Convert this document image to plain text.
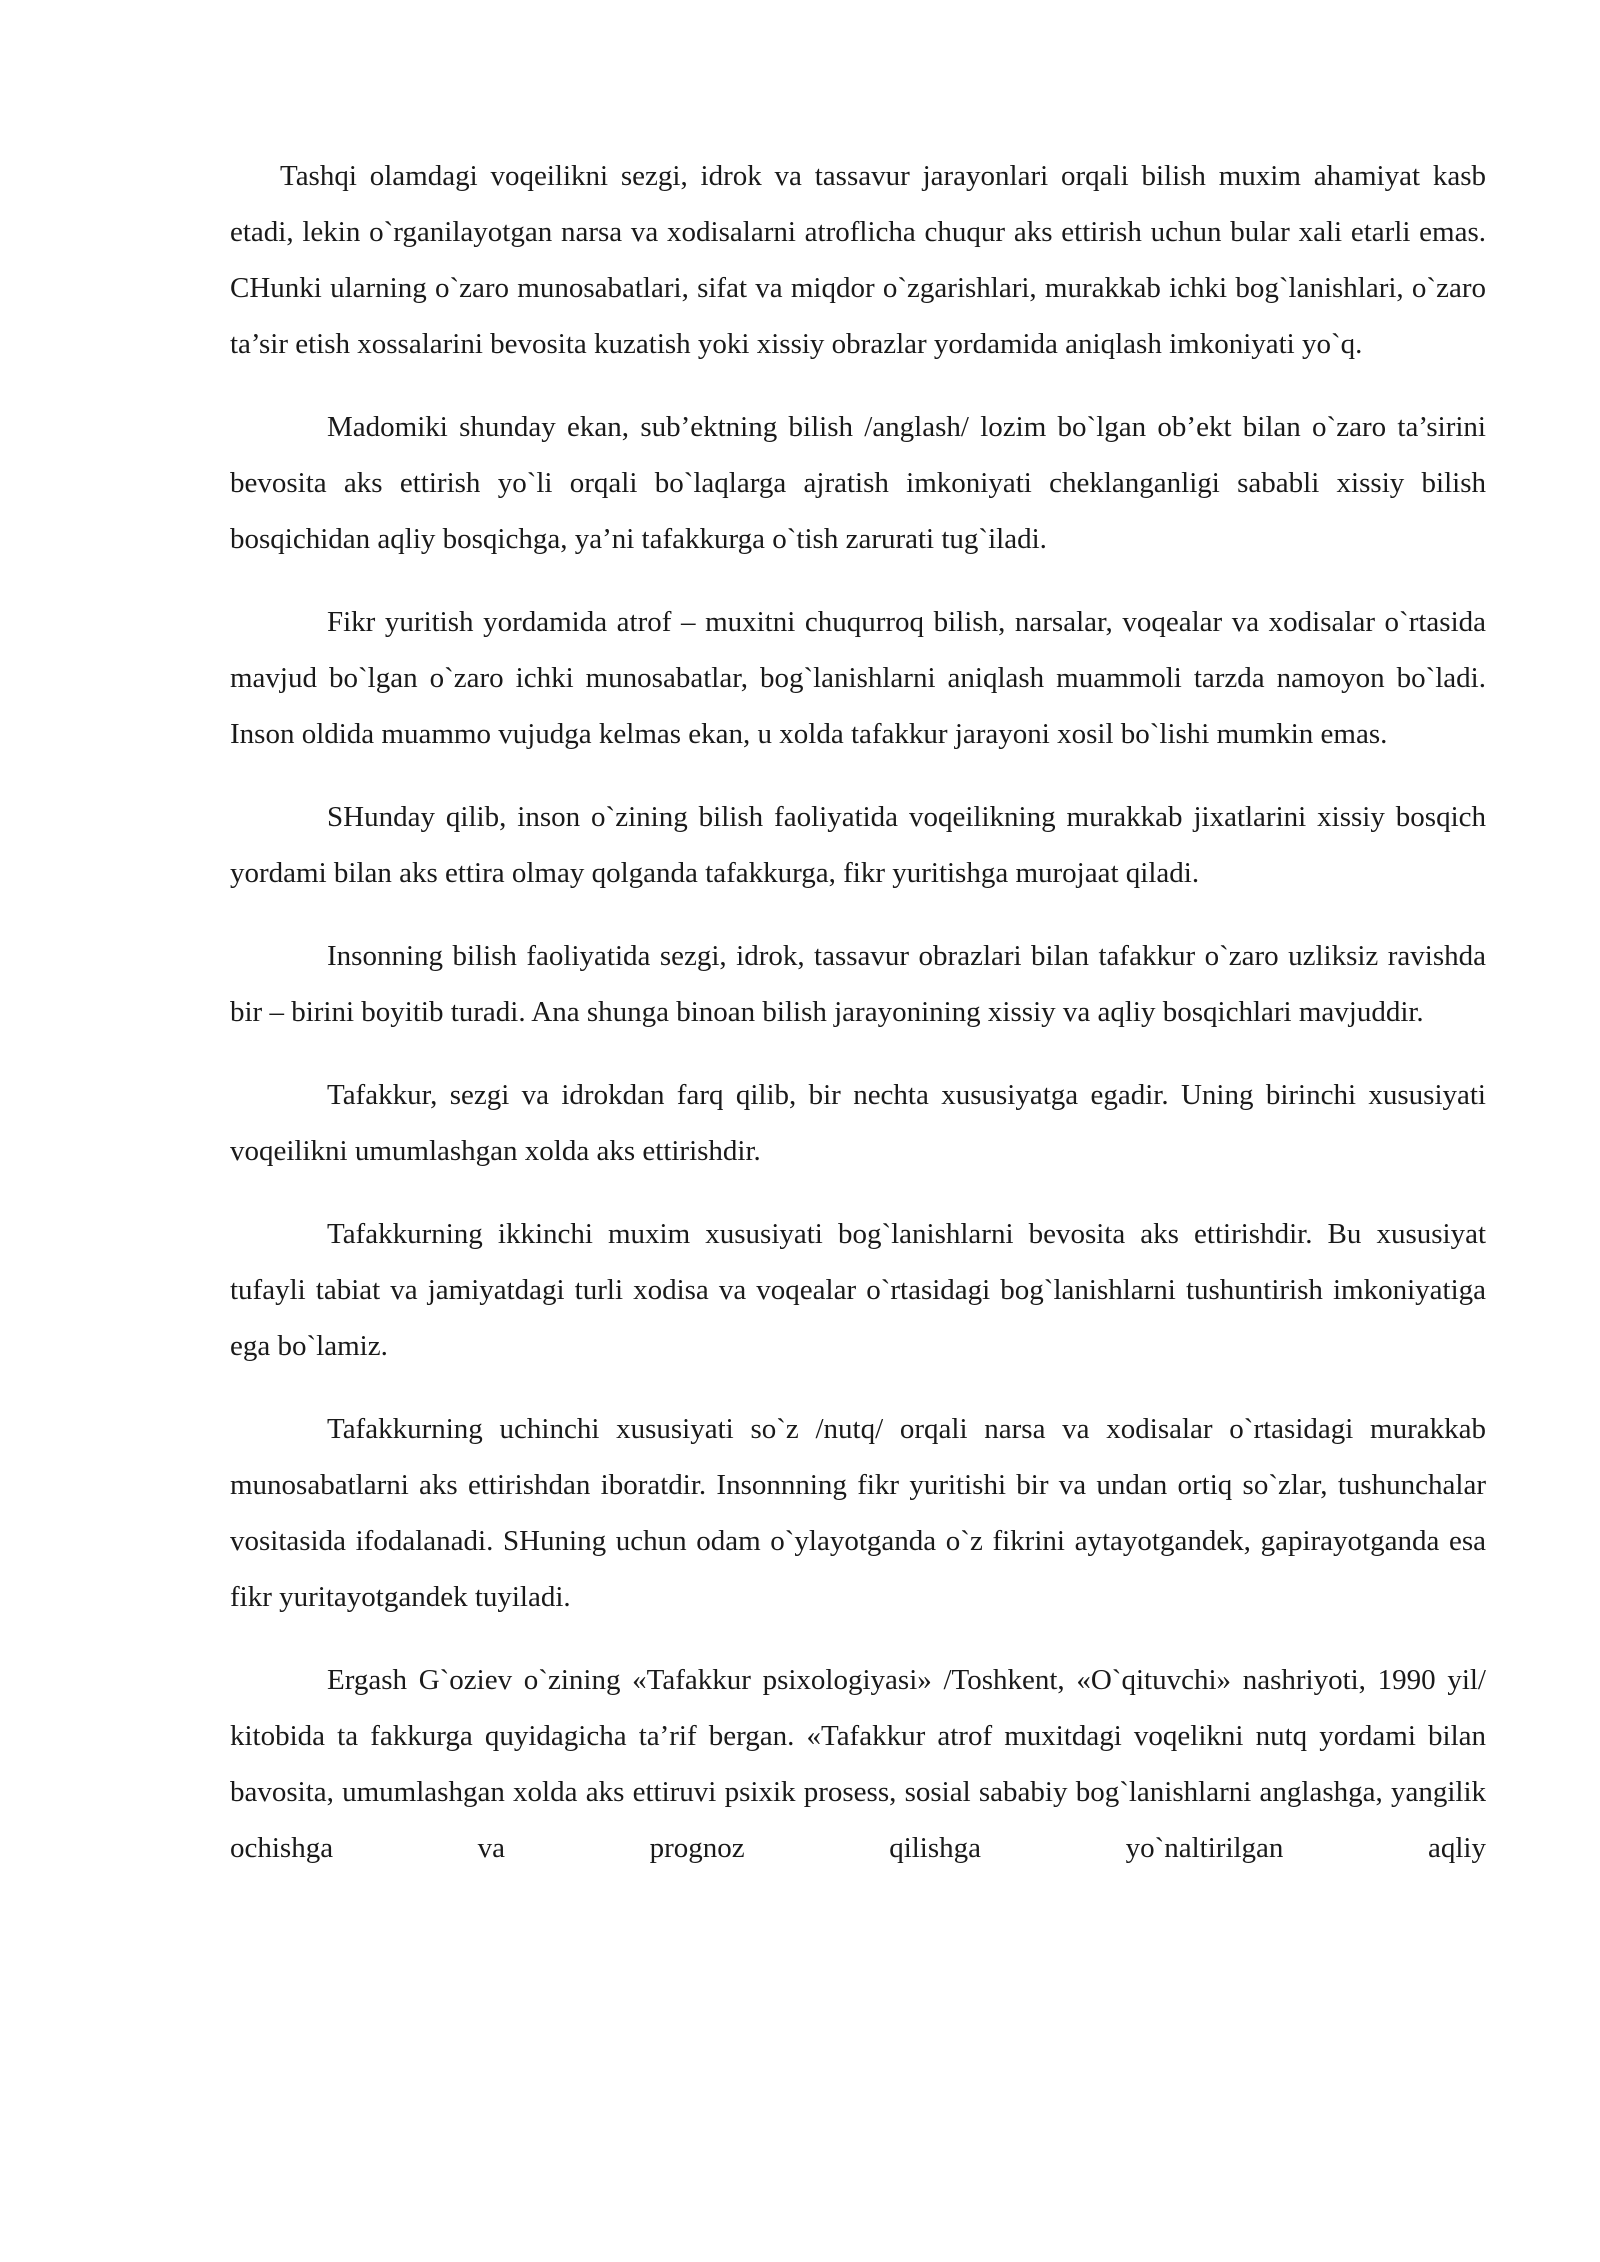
Tashqi olamdagi voqeilikni sezgi, idrok va tassavur jarayonlari orqali bilish muxim ahamiyat kasb etadi, lekin o`rganilayotgan narsa va xodisalarni atroflicha chuqur aks ettirish uchun bular xali etarli emas. CHunki ularning o`zaro munosabatlari, sifat va miqdor o`zgarishlari, murakkab ichki bog`lanishlari, o`zaro ta’sir etish xossalarini bevosita kuzatish yoki xissiy obrazlar yordamida aniqlash imkoniyati yo`q.

Madomiki shunday ekan, sub’ektning bilish /anglash/ lozim bo`lgan ob’ekt bilan o`zaro ta’sirini bevosita aks ettirish yo`li orqali bo`laqlarga ajratish imkoniyati cheklanganligi sababli xissiy bilish bosqichidan aqliy bosqichga, ya’ni tafakkurga o`tish zarurati tug`iladi.

Fikr yuritish yordamida atrof – muxitni chuqurroq bilish, narsalar, voqealar va xodisalar o`rtasida mavjud bo`lgan o`zaro ichki munosabatlar, bog`lanishlarni aniqlash muammoli tarzda namoyon bo`ladi. Inson oldida muammo vujudga kelmas ekan, u xolda tafakkur jarayoni xosil bo`lishi mumkin emas.

SHunday qilib, inson o`zining bilish faoliyatida voqeilikning murakkab jixatlarini xissiy bosqich yordami bilan aks ettira olmay qolganda tafakkurga, fikr yuritishga murojaat qiladi.

Insonning bilish faoliyatida sezgi, idrok, tassavur obrazlari bilan tafakkur o`zaro uzliksiz ravishda bir – birini boyitib turadi. Ana shunga binoan bilish jarayonining xissiy va aqliy bosqichlari mavjuddir.

Tafakkur, sezgi va idrokdan farq qilib, bir nechta xususiyatga egadir. Uning birinchi xususiyati voqeilikni umumlashgan xolda aks ettirishdir.

Tafakkurning ikkinchi muxim xususiyati bog`lanishlarni bevosita aks ettirishdir. Bu xususiyat tufayli tabiat va jamiyatdagi turli xodisa va voqealar o`rtasidagi bog`lanishlarni tushuntirish imkoniyatiga ega bo`lamiz.

Tafakkurning uchinchi xususiyati so`z /nutq/ orqali narsa va xodisalar o`rtasidagi murakkab munosabatlarni aks ettirishdan iboratdir. Insonnning fikr yuritishi bir va undan ortiq so`zlar, tushunchalar vositasida ifodalanadi. SHuning uchun odam o`ylayotganda o`z fikrini aytayotgandek, gapirayotganda esa fikr yuritayotgandek tuyiladi.

Ergash G`oziev o`zining «Tafakkur psixologiyasi» /Toshkent, «O`qituvchi» nashriyoti, 1990 yil/ kitobida ta fakkurga quyidagicha ta’rif bergan. «Tafakkur atrof muxitdagi voqelikni nutq yordami bilan bavosita, umumlashgan xolda aks ettiruvi psixik prosess, sosial sababiy bog`lanishlarni anglashga, yangilik ochishga va prognoz qilishga yo`naltirilgan aqliy
